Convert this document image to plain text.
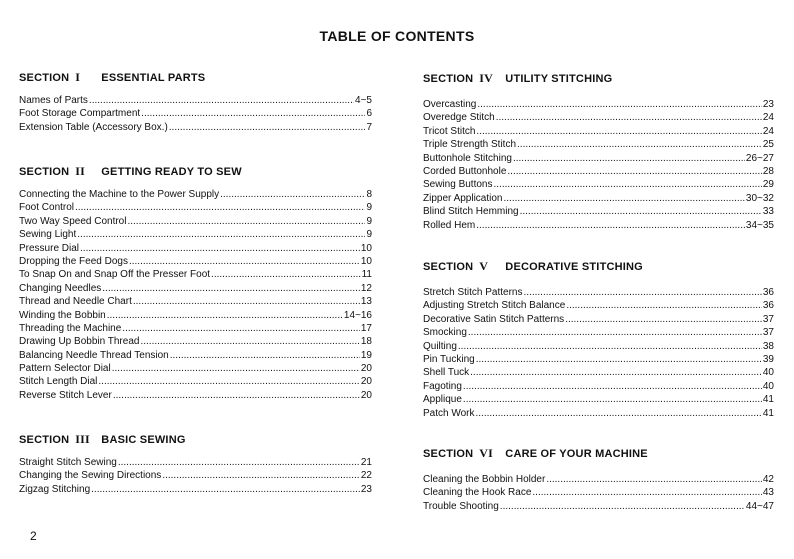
TABLE OF CONTENTS
SECTION I ESSENTIAL PARTS
Names of Parts .....	4~5
Foot Storage Compartment .....	6
Extension Table (Accessory Box.) .....	7
SECTION II GETTING READY TO SEW
Connecting the Machine to the Power Supply .....	8
Foot Control .....	9
Two Way Speed Control .....	9
Sewing Light .....	9
Pressure Dial .....	10
Dropping the Feed Dogs .....	10
To Snap On and Snap Off the Presser Foot .....	11
Changing Needles .....	12
Thread and Needle Chart .....	13
Winding the Bobbin .....	14~16
Threading the Machine .....	17
Drawing Up Bobbin Thread .....	18
Balancing Needle Thread Tension .....	19
Pattern Selector Dial .....	20
Stitch Length Dial .....	20
Reverse Stitch Lever .....	20
SECTION III BASIC SEWING
Straight Stitch Sewing .....	21
Changing the Sewing Directions .....	22
Zigzag Stitching .....	23
SECTION IV UTILITY STITCHING
Overcasting .....	23
Overedge Stitch .....	24
Tricot Stitch .....	24
Triple Strength Stitch .....	25
Buttonhole Stitching .....	26~27
Corded Buttonhole .....	28
Sewing Buttons .....	29
Zipper Application .....	30~32
Blind Stitch Hemming .....	33
Rolled Hem .....	34~35
SECTION V DECORATIVE STITCHING
Stretch Stitch Patterns .....	36
Adjusting Stretch Stitch Balance .....	36
Decorative Satin Stitch Patterns .....	37
Smocking .....	37
Quilting .....	38
Pin Tucking .....	39
Shell Tuck .....	40
Fagoting .....	40
Applique .....	41
Patch Work .....	41
SECTION VI CARE OF YOUR MACHINE
Cleaning the Bobbin Holder .....	42
Cleaning the Hook Race .....	43
Trouble Shooting .....	44~47
2
